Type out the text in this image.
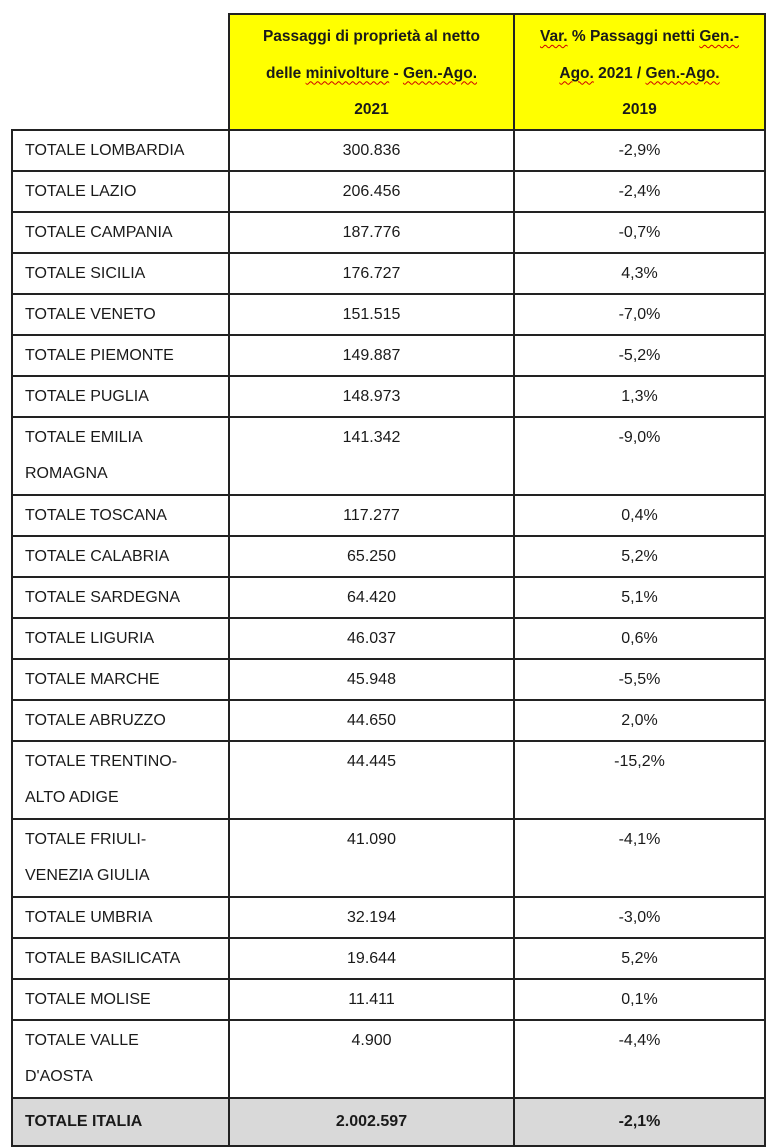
	Passaggi di proprietà al netto
delle minivolture - Gen.-Ago.
2021	Var. % Passaggi netti Gen.-
Ago. 2021 / Gen.-Ago.
2019
TOTALE LOMBARDIA	300.836	-2,9%
TOTALE LAZIO	206.456	-2,4%
TOTALE CAMPANIA	187.776	-0,7%
TOTALE SICILIA	176.727	4,3%
TOTALE VENETO	151.515	-7,0%
TOTALE PIEMONTE	149.887	-5,2%
TOTALE PUGLIA	148.973	1,3%
TOTALE EMILIA
ROMAGNA	141.342	-9,0%
TOTALE TOSCANA	117.277	0,4%
TOTALE CALABRIA	65.250	5,2%
TOTALE SARDEGNA	64.420	5,1%
TOTALE LIGURIA	46.037	0,6%
TOTALE MARCHE	45.948	-5,5%
TOTALE ABRUZZO	44.650	2,0%
TOTALE TRENTINO-
ALTO ADIGE	44.445	-15,2%
TOTALE FRIULI-
VENEZIA GIULIA	41.090	-4,1%
TOTALE UMBRIA	32.194	-3,0%
TOTALE BASILICATA	19.644	5,2%
TOTALE MOLISE	11.411	0,1%
TOTALE VALLE
D'AOSTA	4.900	-4,4%
TOTALE ITALIA	2.002.597	-2,1%
